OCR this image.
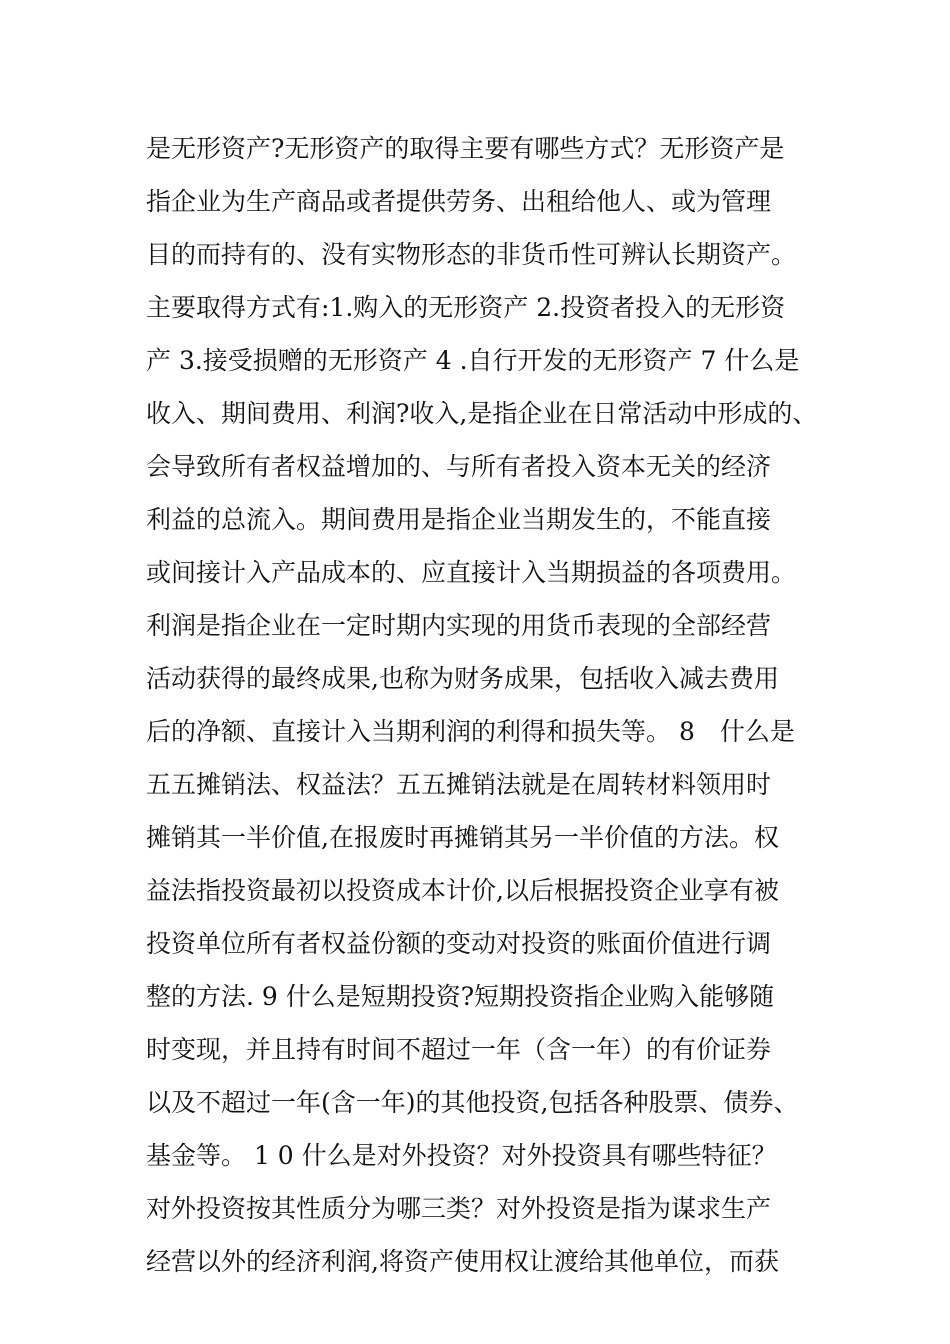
是无形资产?无形资产的取得主要有哪些方式？无形资产是
指企业为生产商品或者提供劳务、出租给他人、或为管理
目的而持有的、没有实物形态的非货币性可辨认长期资产。
主要取得方式有:1.购入的无形资产 2.投资者投入的无形资
产 3.接受损赠的无形资产 4 .自行开发的无形资产 7 什么是
收入、期间费用、利润?收入,是指企业在日常活动中形成的、
会导致所有者权益增加的、与所有者投入资本无关的经济
利益的总流入。期间费用是指企业当期发生的，不能直接
或间接计入产品成本的、应直接计入当期损益的各项费用。
利润是指企业在一定时期内实现的用货币表现的全部经营
活动获得的最终成果,也称为财务成果，包括收入减去费用
后的净额、直接计入当期利润的利得和损失等。 8　什么是
五五摊销法、权益法？五五摊销法就是在周转材料领用时
摊销其一半价值,在报废时再摊销其另一半价值的方法。权
益法指投资最初以投资成本计价,以后根据投资企业享有被
投资单位所有者权益份额的变动对投资的账面价值进行调
整的方法. 9 什么是短期投资?短期投资指企业购入能够随
时变现，并且持有时间不超过一年（含一年）的有价证券
以及不超过一年(含一年)的其他投资,包括各种股票、债券、
基金等。 1 0 什么是对外投资？对外投资具有哪些特征？
对外投资按其性质分为哪三类？对外投资是指为谋求生产
经营以外的经济利润,将资产使用权让渡给其他单位，而获
